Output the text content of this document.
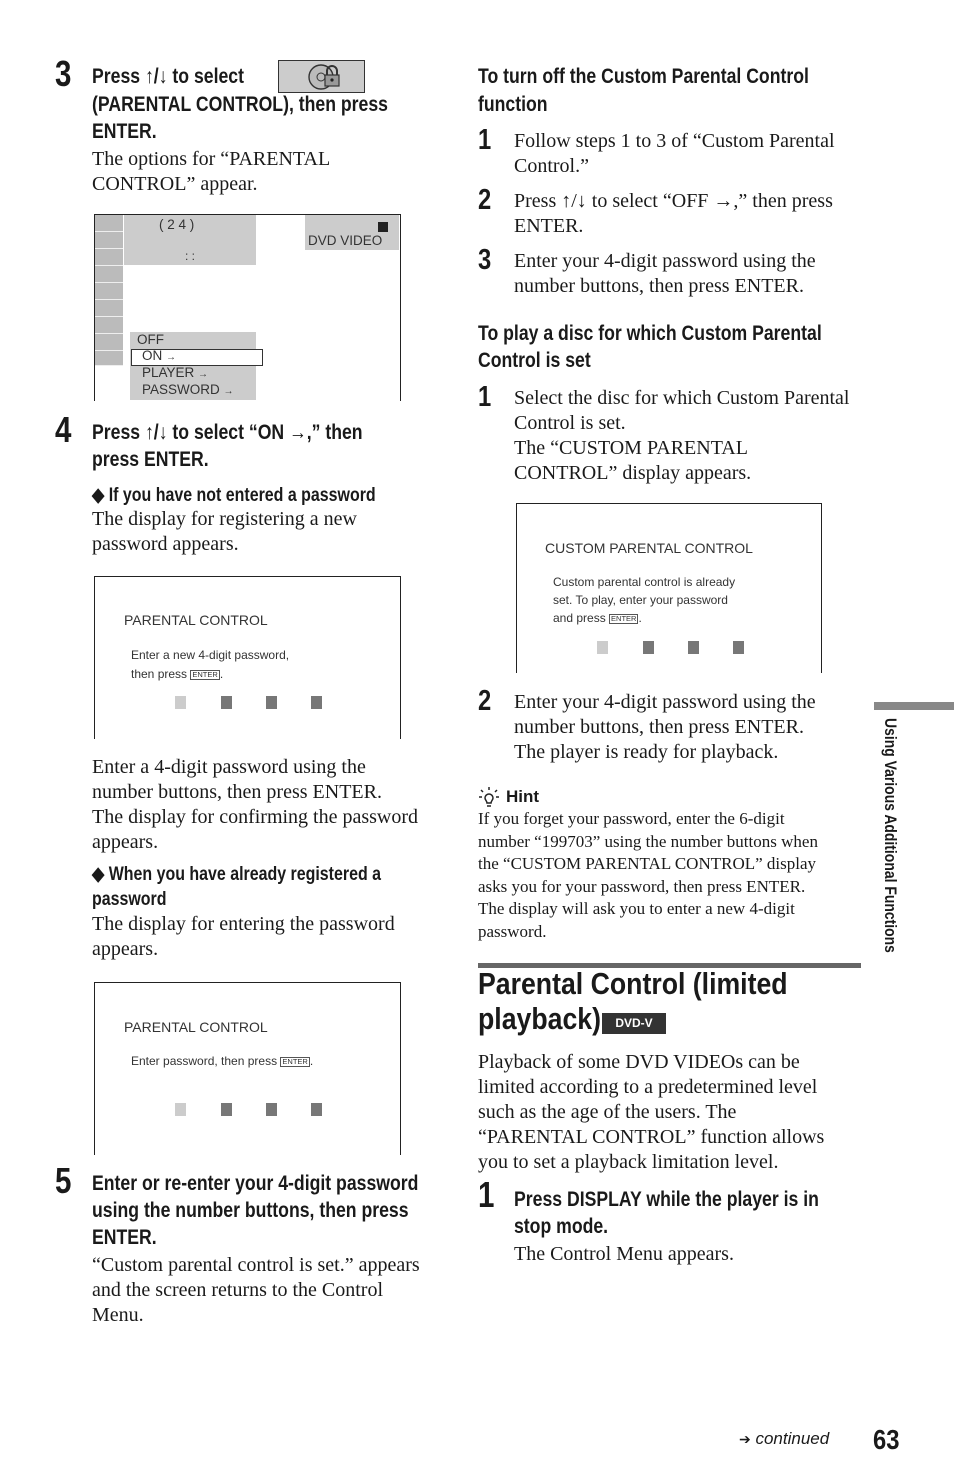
3 Press ↑/↓ to select
(PARENTAL CONTROL), then press
ENTER.
The options for “PARENTAL
CONTROL” appear.
( 2 4 )
: :
DVD VIDEO
OFF
ON →
PLAYER →
PASSWORD →
4 Press ↑/↓ to select “ON →,” then
press ENTER.
◆ If you have not entered a password
The display for registering a new
password appears.
PARENTAL CONTROL
Enter a new 4-digit password,
then press ENTER .
Enter a 4-digit password using the
number buttons, then press ENTER.
The display for confirming the password
appears.
◆ When you have already registered a
password
The display for entering the password
appears.
PARENTAL CONTROL
Enter password, then press ENTER .
5 Enter or re-enter your 4-digit password
using the number buttons, then press
ENTER.
“Custom parental control is set.” appears
and the screen returns to the Control
Menu.
To turn off the Custom Parental Control
function
1 Follow steps 1 to 3 of “Custom Parental
Control.”
2 Press ↑/↓ to select “OFF →,” then press
ENTER.
3 Enter your 4-digit password using the
number buttons, then press ENTER.
To play a disc for which Custom Parental
Control is set
1 Select the disc for which Custom Parental
Control is set.
The “CUSTOM PARENTAL
CONTROL” display appears.
CUSTOM PARENTAL CONTROL
Custom parental control is already
set. To play, enter your password
and press ENTER .
2 Enter your 4-digit password using the
number buttons, then press ENTER.
The player is ready for playback.
Hint
If you forget your password, enter the 6-digit
number “199703” using the number buttons when
the “CUSTOM PARENTAL CONTROL” display
asks you for your password, then press ENTER.
The display will ask you to enter a new 4-digit
password.
Parental Control (limited
playback)	DVD-V
Playback of some DVD VIDEOs can be
limited according to a predetermined level
such as the age of the users. The
“PARENTAL CONTROL” function allows
you to set a playback limitation level.
1 Press DISPLAY while the player is in
stop mode.
The Control Menu appears.
Using Various Additional Functions
➔ continued 63
